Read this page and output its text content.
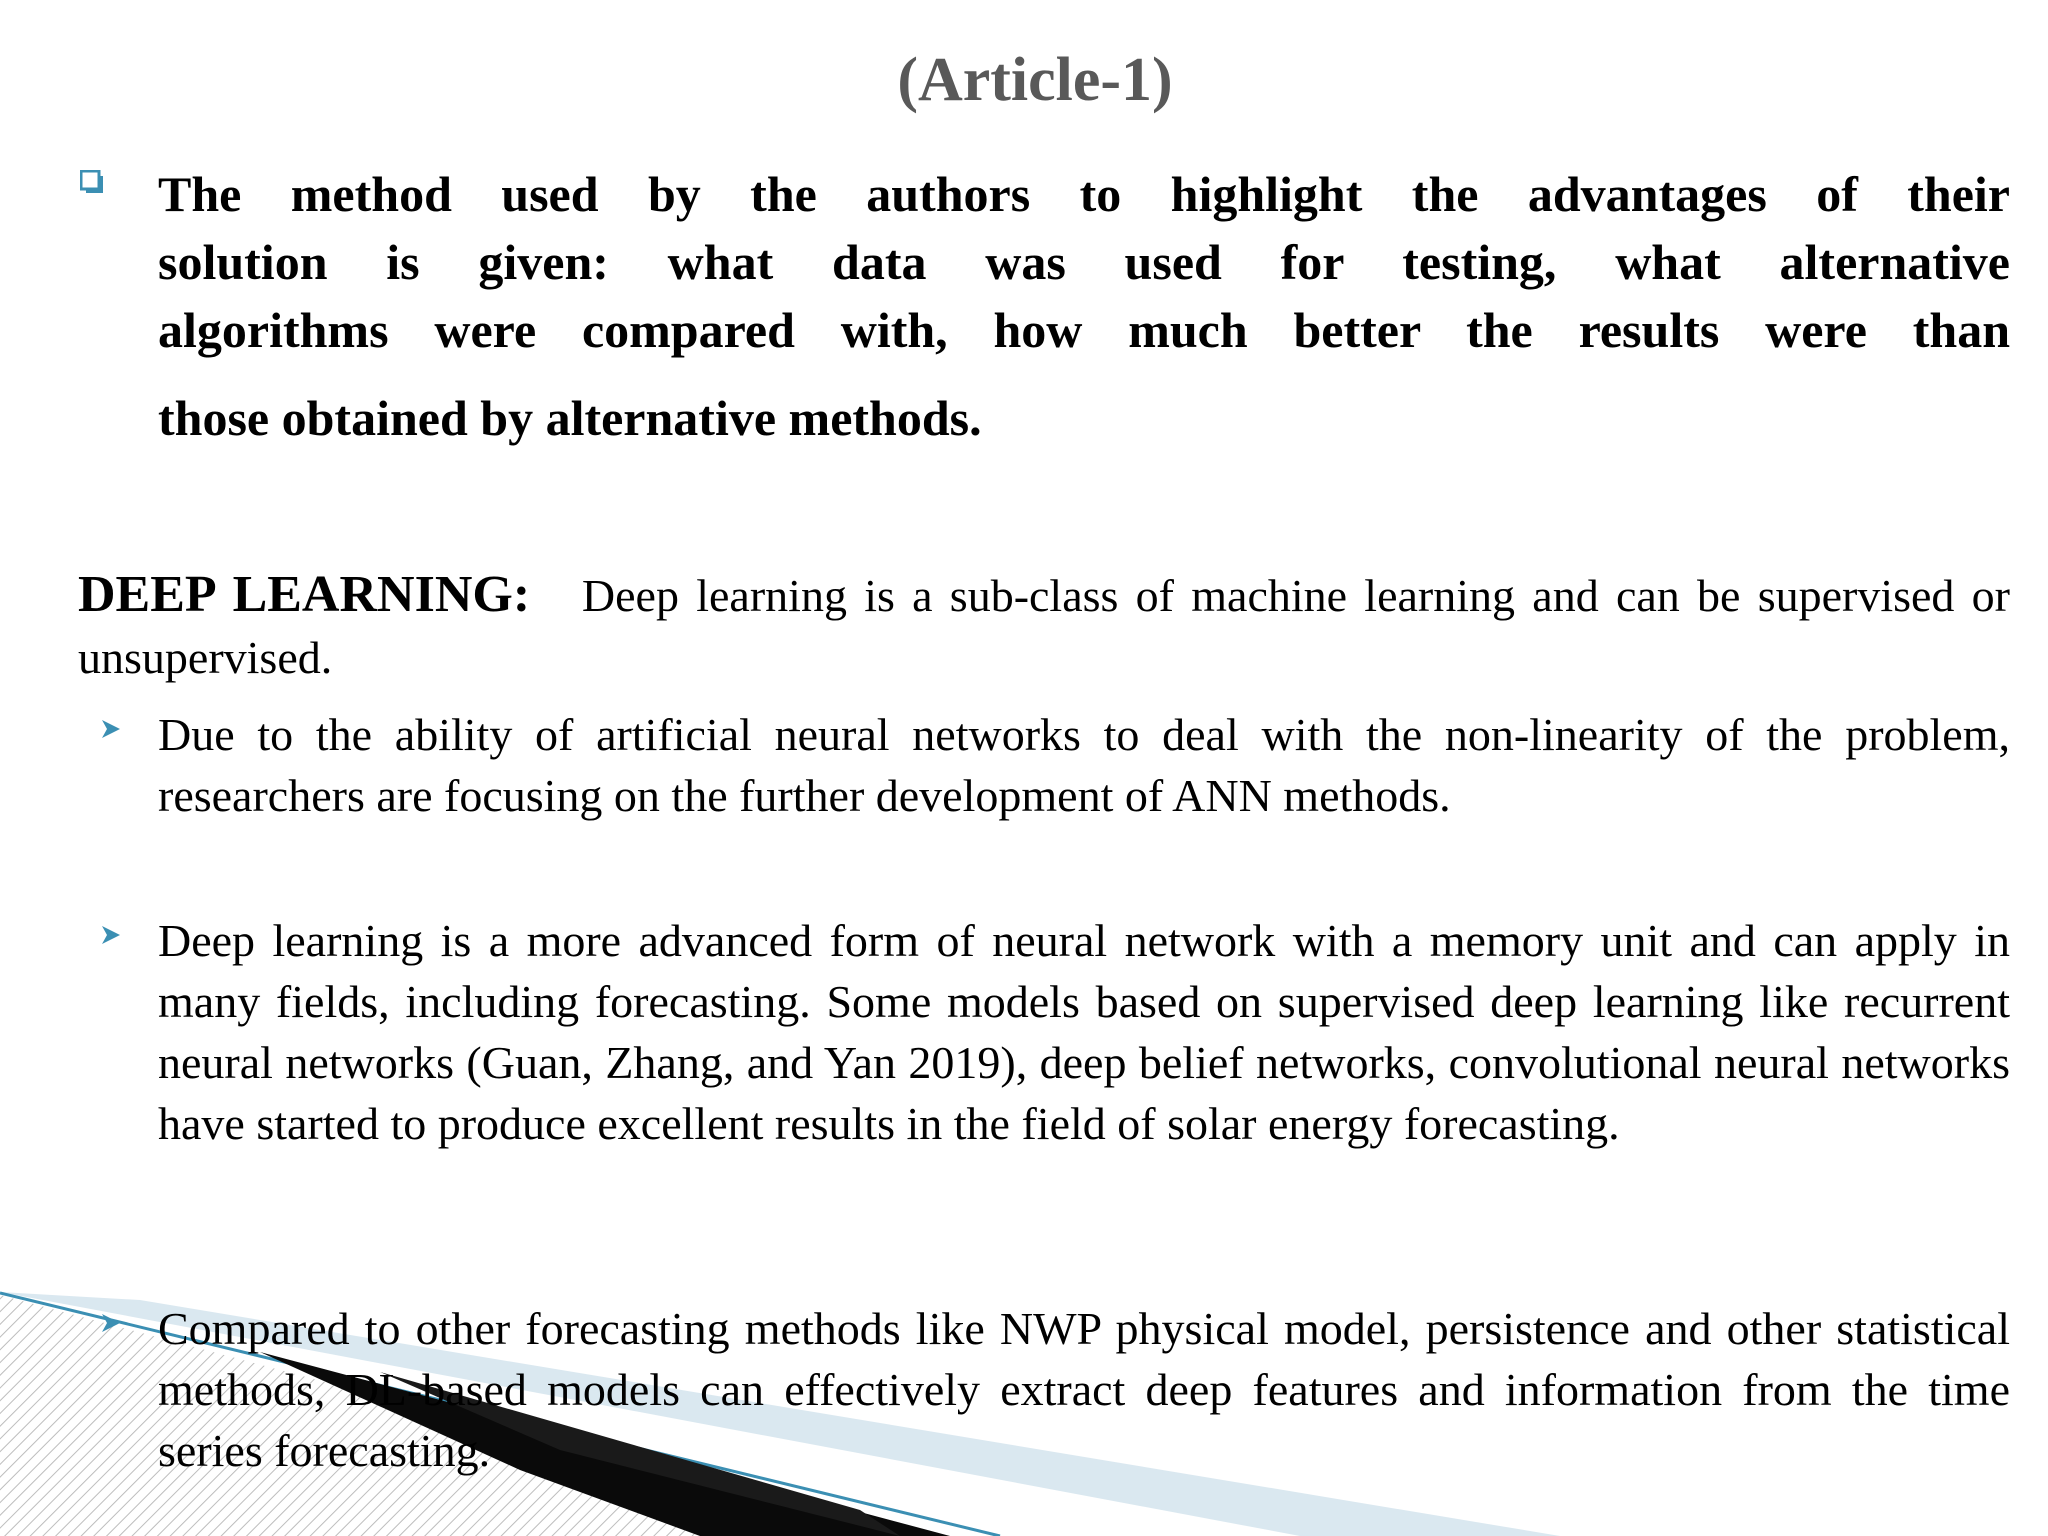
(Article-1)
The method used by the authors to highlight the advantages of their
solution is given: what data was used for testing, what alternative
algorithms were compared with, how much better the results were than
those obtained by alternative methods.
DEEP LEARNING: Deep learning is a sub-class of machine learning and can be supervised or unsupervised.
Due to the ability of artificial neural networks to deal with the non-linearity of the problem, researchers are focusing on the further development of ANN methods.
Deep learning is a more advanced form of neural network with a memory unit and can apply in many fields, including forecasting. Some models based on supervised deep learning like recurrent neural networks (Guan, Zhang, and Yan 2019), deep belief networks, convolutional neural networks have started to produce excellent results in the field of solar energy forecasting.
Compared to other forecasting methods like NWP physical model, persistence and other statistical methods, DL-based models can effectively extract deep features and information from the time series forecasting.
